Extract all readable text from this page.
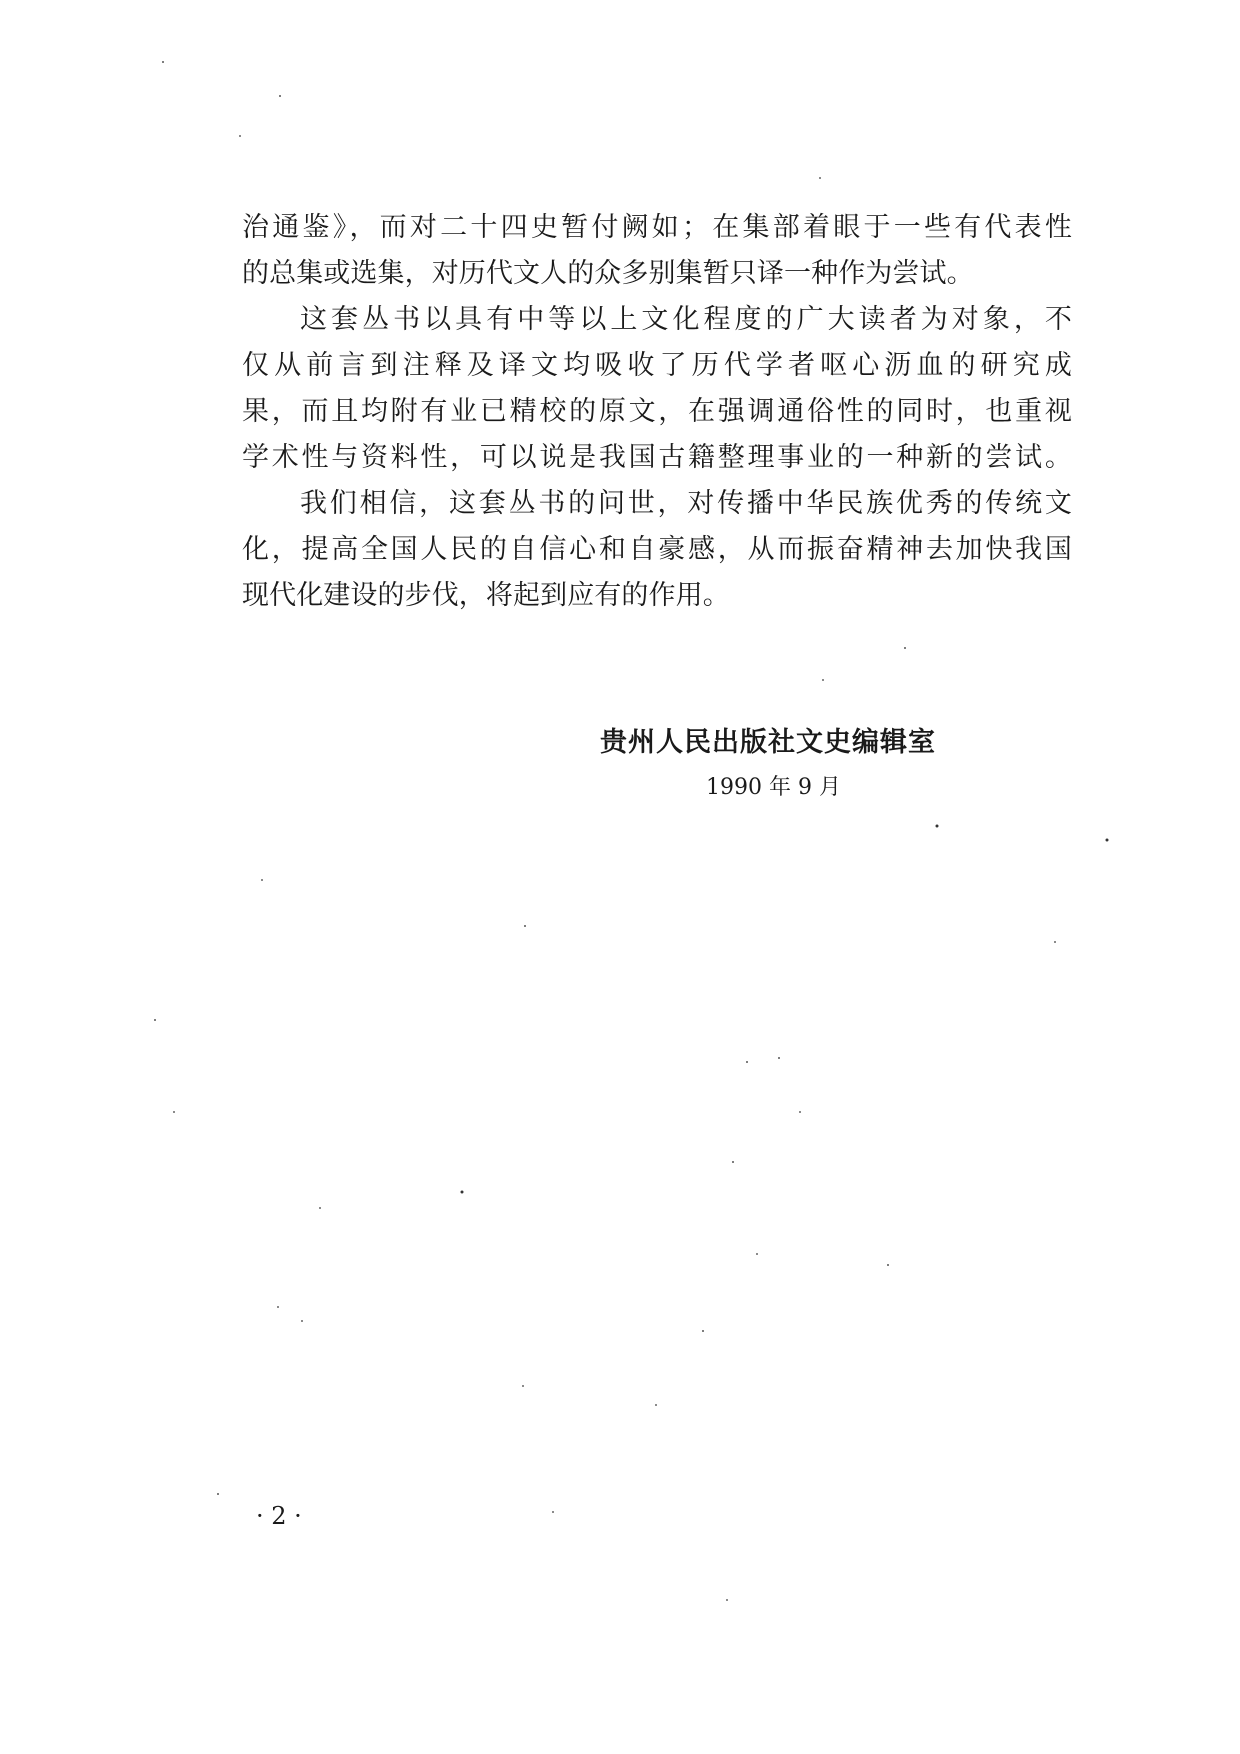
治通鉴》，而对二十四史暂付阙如；在集部着眼于一些有代表性
的总集或选集，对历代文人的众多别集暂只译一种作为尝试。
这套丛书以具有中等以上文化程度的广大读者为对象，不
仅从前言到注释及译文均吸收了历代学者呕心沥血的研究成
果，而且均附有业已精校的原文，在强调通俗性的同时，也重视
学术性与资料性，可以说是我国古籍整理事业的一种新的尝试。
我们相信，这套丛书的问世，对传播中华民族优秀的传统文
化，提高全国人民的自信心和自豪感，从而振奋精神去加快我国
现代化建设的步伐，将起到应有的作用。
贵州人民出版社文史编辑室
1990 年 9 月
· 2 ·
